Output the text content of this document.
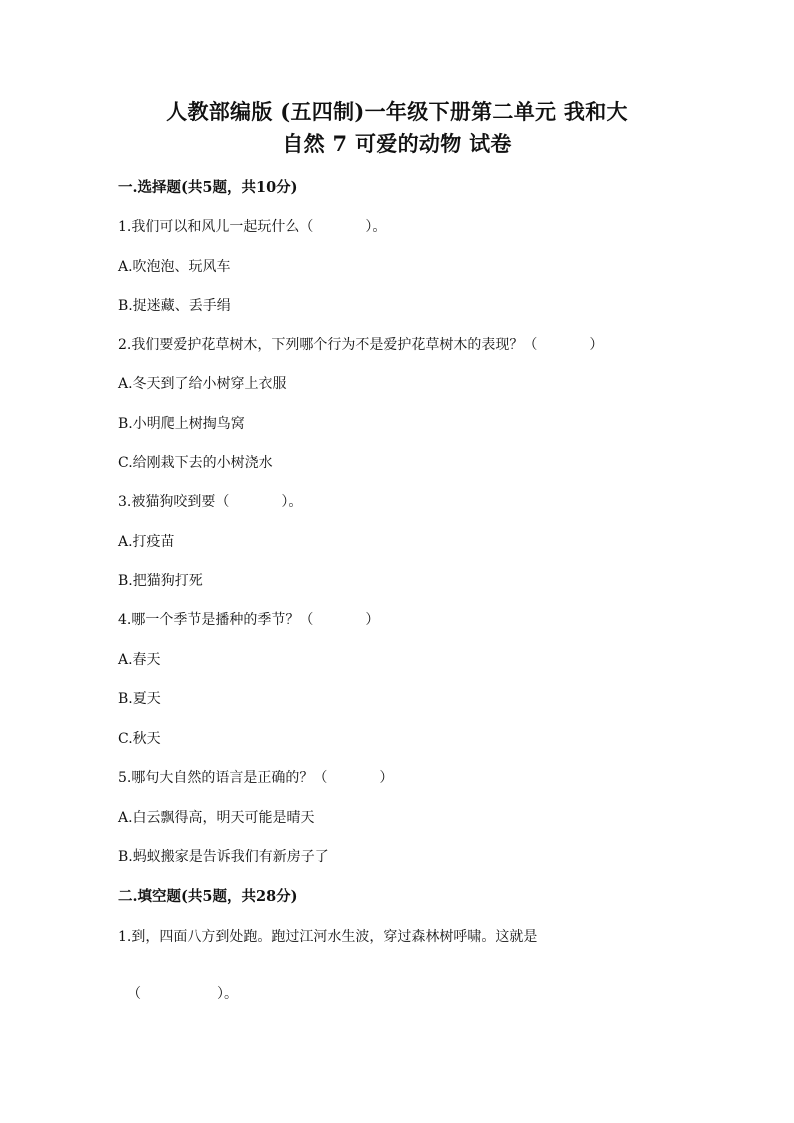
人教部编版 (五四制)一年级下册第二单元 我和大
自然 7 可爱的动物 试卷
一.选择题(共5题，共10分)
1.我们可以和风儿一起玩什么（	）。
A.吹泡泡、玩风车
B.捉迷藏、丢手绢
2.我们要爱护花草树木，下列哪个行为不是爱护花草树木的表现？（	）
A.冬天到了给小树穿上衣服
B.小明爬上树掏鸟窝
C.给刚栽下去的小树浇水
3.被猫狗咬到要（	）。
A.打疫苗
B.把猫狗打死
4.哪一个季节是播种的季节？（	）
A.春天
B.夏天
C.秋天
5.哪句大自然的语言是正确的？（	）
A.白云飘得高，明天可能是晴天
B.蚂蚁搬家是告诉我们有新房子了
二.填空题(共5题，共28分)
1.到，四面八方到处跑。跑过江河水生波，穿过森林树呼啸。这就是
（	）。
